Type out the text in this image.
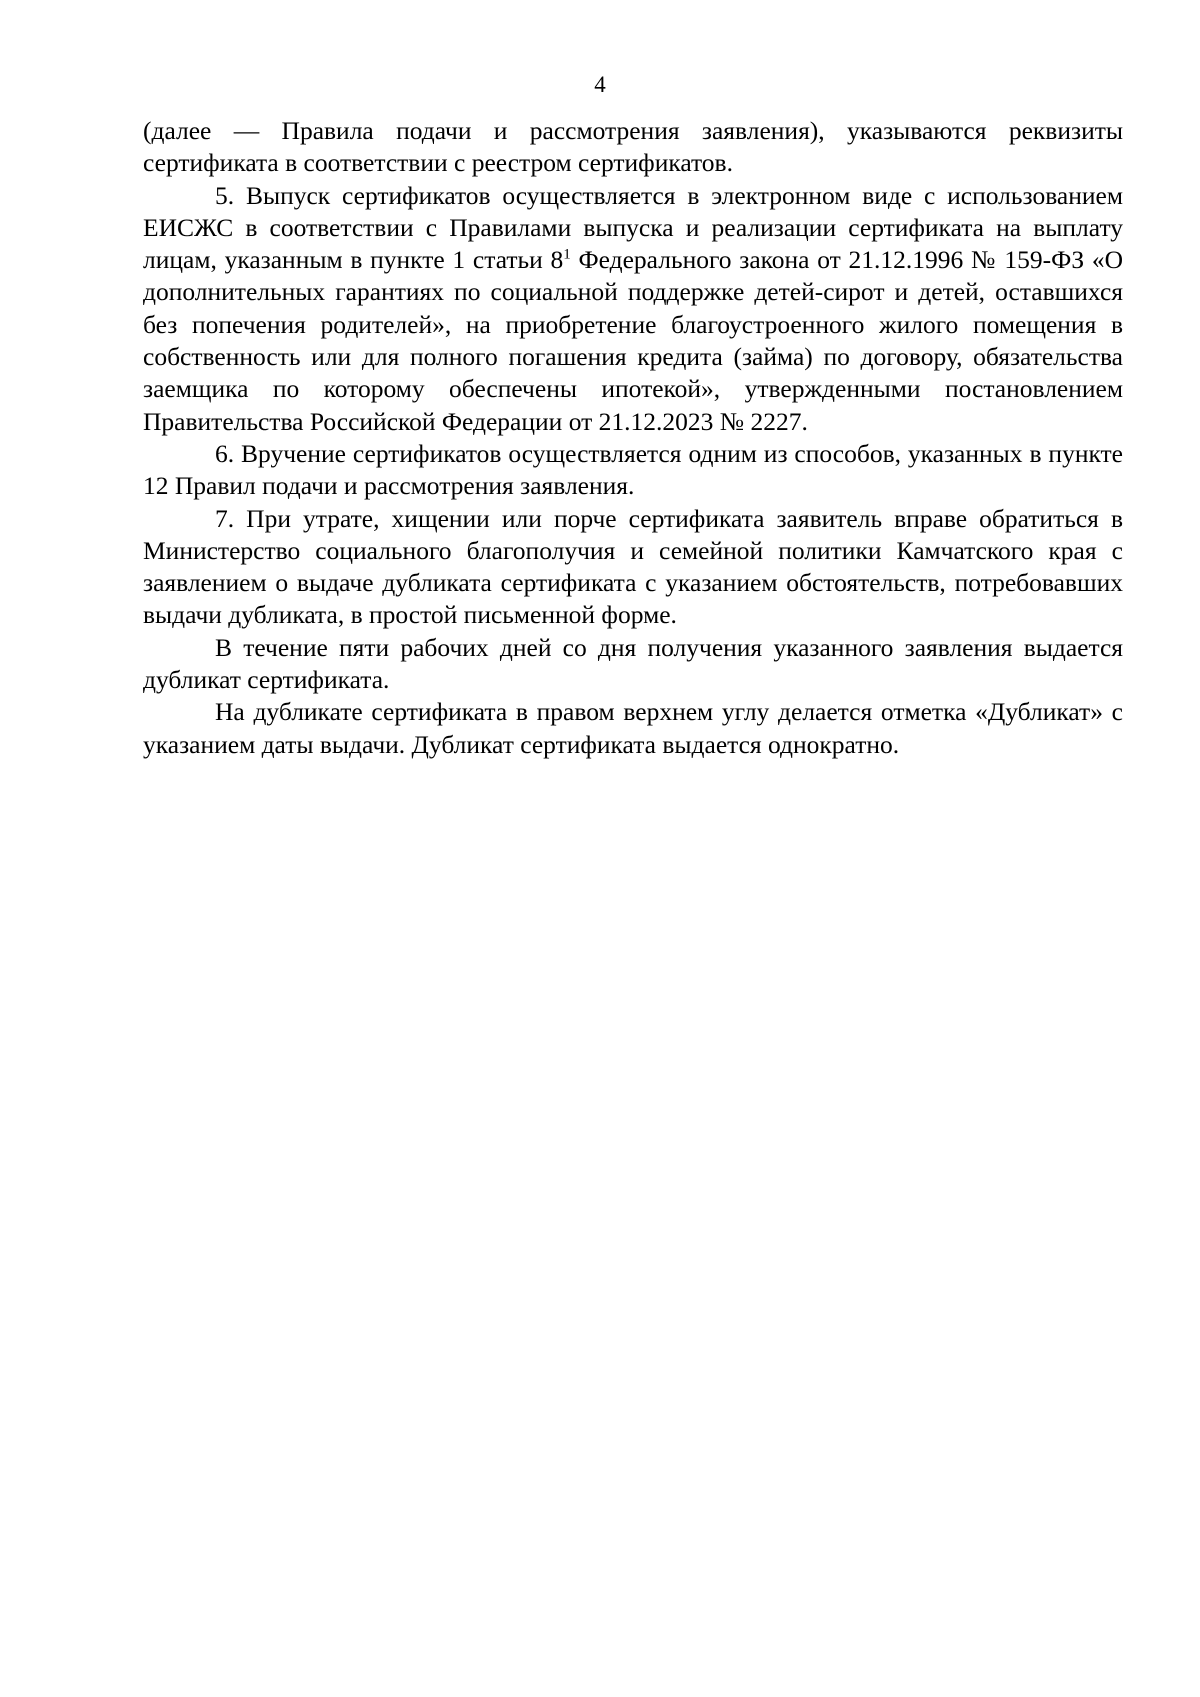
4

(далее — Правила подачи и рассмотрения заявления), указываются реквизиты сертификата в соответствии с реестром сертификатов.

5. Выпуск сертификатов осуществляется в электронном виде с использованием ЕИСЖС в соответствии с Правилами выпуска и реализации сертификата на выплату лицам, указанным в пункте 1 статьи $8^1$ Федерального закона от 21.12.1996 № 159-ФЗ «О дополнительных гарантиях по социальной поддержке детей-сирот и детей, оставшихся без попечения родителей», на приобретение благоустроенного жилого помещения в собственность или для полного погашения кредита (займа) по договору, обязательства заемщика по которому обеспечены ипотекой», утвержденными постановлением Правительства Российской Федерации от 21.12.2023 № 2227.

6. Вручение сертификатов осуществляется одним из способов, указанных в пункте 12 Правил подачи и рассмотрения заявления.

7. При утрате, хищении или порче сертификата заявитель вправе обратиться в Министерство социального благополучия и семейной политики Камчатского края с заявлением о выдаче дубликата сертификата с указанием обстоятельств, потребовавших выдачи дубликата, в простой письменной форме.

В течение пяти рабочих дней со дня получения указанного заявления выдается дубликат сертификата.

На дубликате сертификата в правом верхнем углу делается отметка «Дубликат» с указанием даты выдачи. Дубликат сертификата выдается однократно.
